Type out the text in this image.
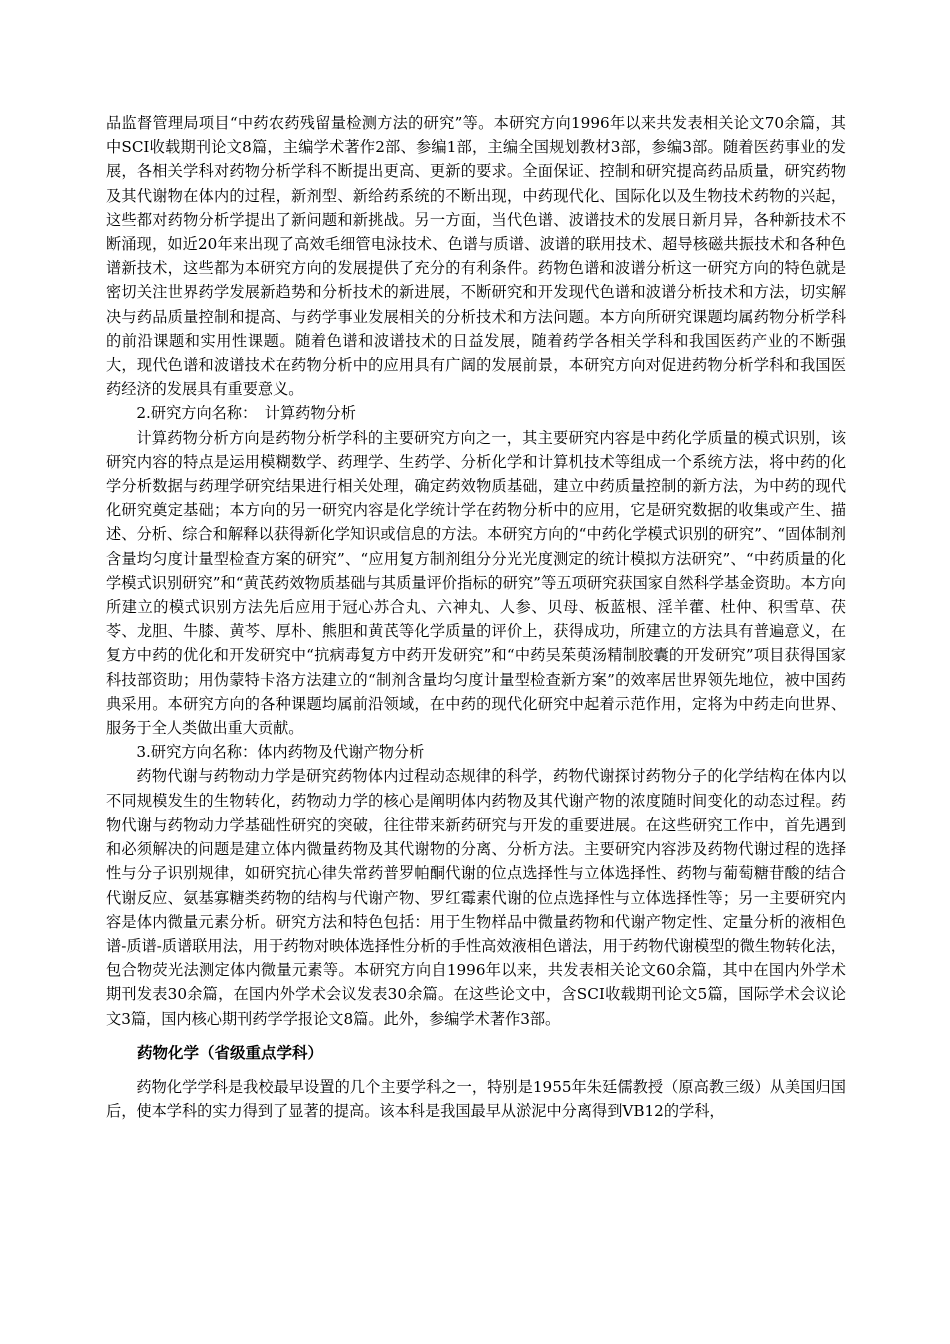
品监督管理局项目“中药农药残留量检测方法的研究”等。本研究方向1996年以来共发表相关论文70余篇，其中SCI收载期刊论文8篇，主编学术著作2部、参编1部，主编全国规划教材3部，参编3部。随着医药事业的发展，各相关学科对药物分析学科不断提出更高、更新的要求。全面保证、控制和研究提高药品质量，研究药物及其代谢物在体内的过程，新剂型、新给药系统的不断出现，中药现代化、国际化以及生物技术药物的兴起，这些都对药物分析学提出了新问题和新挑战。另一方面，当代色谱、波谱技术的发展日新月异，各种新技术不断涌现，如近20年来出现了高效毛细管电泳技术、色谱与质谱、波谱的联用技术、超导核磁共振技术和各种色谱新技术，这些都为本研究方向的发展提供了充分的有利条件。药物色谱和波谱分析这一研究方向的特色就是密切关注世界药学发展新趋势和分析技术的新进展，不断研究和开发现代色谱和波谱分析技术和方法，切实解决与药品质量控制和提高、与药学事业发展相关的分析技术和方法问题。本方向所研究课题均属药物分析学科的前沿课题和实用性课题。随着色谱和波谱技术的日益发展，随着药学各相关学科和我国医药产业的不断强大，现代色谱和波谱技术在药物分析中的应用具有广阔的发展前景，本研究方向对促进药物分析学科和我国医药经济的发展具有重要意义。

2.研究方向名称：　计算药物分析

计算药物分析方向是药物分析学科的主要研究方向之一，其主要研究内容是中药化学质量的模式识别，该研究内容的特点是运用模糊数学、药理学、生药学、分析化学和计算机技术等组成一个系统方法，将中药的化学分析数据与药理学研究结果进行相关处理，确定药效物质基础，建立中药质量控制的新方法，为中药的现代化研究奠定基础；本方向的另一研究内容是化学统计学在药物分析中的应用，它是研究数据的收集或产生、描述、分析、综合和解释以获得新化学知识或信息的方法。本研究方向的“中药化学模式识别的研究”、“固体制剂含量均匀度计量型检查方案的研究”、“应用复方制剂组分分光光度测定的统计模拟方法研究”、“中药质量的化学模式识别研究”和“黄芪药效物质基础与其质量评价指标的研究”等五项研究获国家自然科学基金资助。本方向所建立的模式识别方法先后应用于冠心苏合丸、六神丸、人参、贝母、板蓝根、淫羊藿、杜仲、积雪草、茯苓、龙胆、牛膝、黄芩、厚朴、熊胆和黄芪等化学质量的评价上，获得成功，所建立的方法具有普遍意义，在复方中药的优化和开发研究中“抗病毒复方中药开发研究”和“中药吴茱萸汤精制胶囊的开发研究”项目获得国家科技部资助；用伪蒙特卡洛方法建立的“制剂含量均匀度计量型检查新方案”的效率居世界领先地位，被中国药典采用。本研究方向的各种课题均属前沿领域，在中药的现代化研究中起着示范作用，定将为中药走向世界、服务于全人类做出重大贡献。

3.研究方向名称：体内药物及代谢产物分析

药物代谢与药物动力学是研究药物体内过程动态规律的科学，药物代谢探讨药物分子的化学结构在体内以不同规模发生的生物转化，药物动力学的核心是阐明体内药物及其代谢产物的浓度随时间变化的动态过程。药物代谢与药物动力学基础性研究的突破，往往带来新药研究与开发的重要进展。在这些研究工作中，首先遇到和必须解决的问题是建立体内微量药物及其代谢物的分离、分析方法。主要研究内容涉及药物代谢过程的选择性与分子识别规律，如研究抗心律失常药普罗帕酮代谢的位点选择性与立体选择性、药物与葡萄糖苷酸的结合代谢反应、氨基寡糖类药物的结构与代谢产物、罗红霉素代谢的位点选择性与立体选择性等；另一主要研究内容是体内微量元素分析。研究方法和特色包括：用于生物样品中微量药物和代谢产物定性、定量分析的液相色谱-质谱-质谱联用法，用于药物对映体选择性分析的手性高效液相色谱法，用于药物代谢模型的微生物转化法，包合物荧光法测定体内微量元素等。本研究方向自1996年以来，共发表相关论文60余篇，其中在国内外学术期刊发表30余篇，在国内外学术会议发表30余篇。在这些论文中，含SCI收载期刊论文5篇，国际学术会议论文3篇，国内核心期刊药学学报论文8篇。此外，参编学术著作3部。

药物化学（省级重点学科）

药物化学学科是我校最早设置的几个主要学科之一，特别是1955年朱廷儒教授（原高教三级）从美国归国后，使本学科的实力得到了显著的提高。该本科是我国最早从淤泥中分离得到VB12的学科，
